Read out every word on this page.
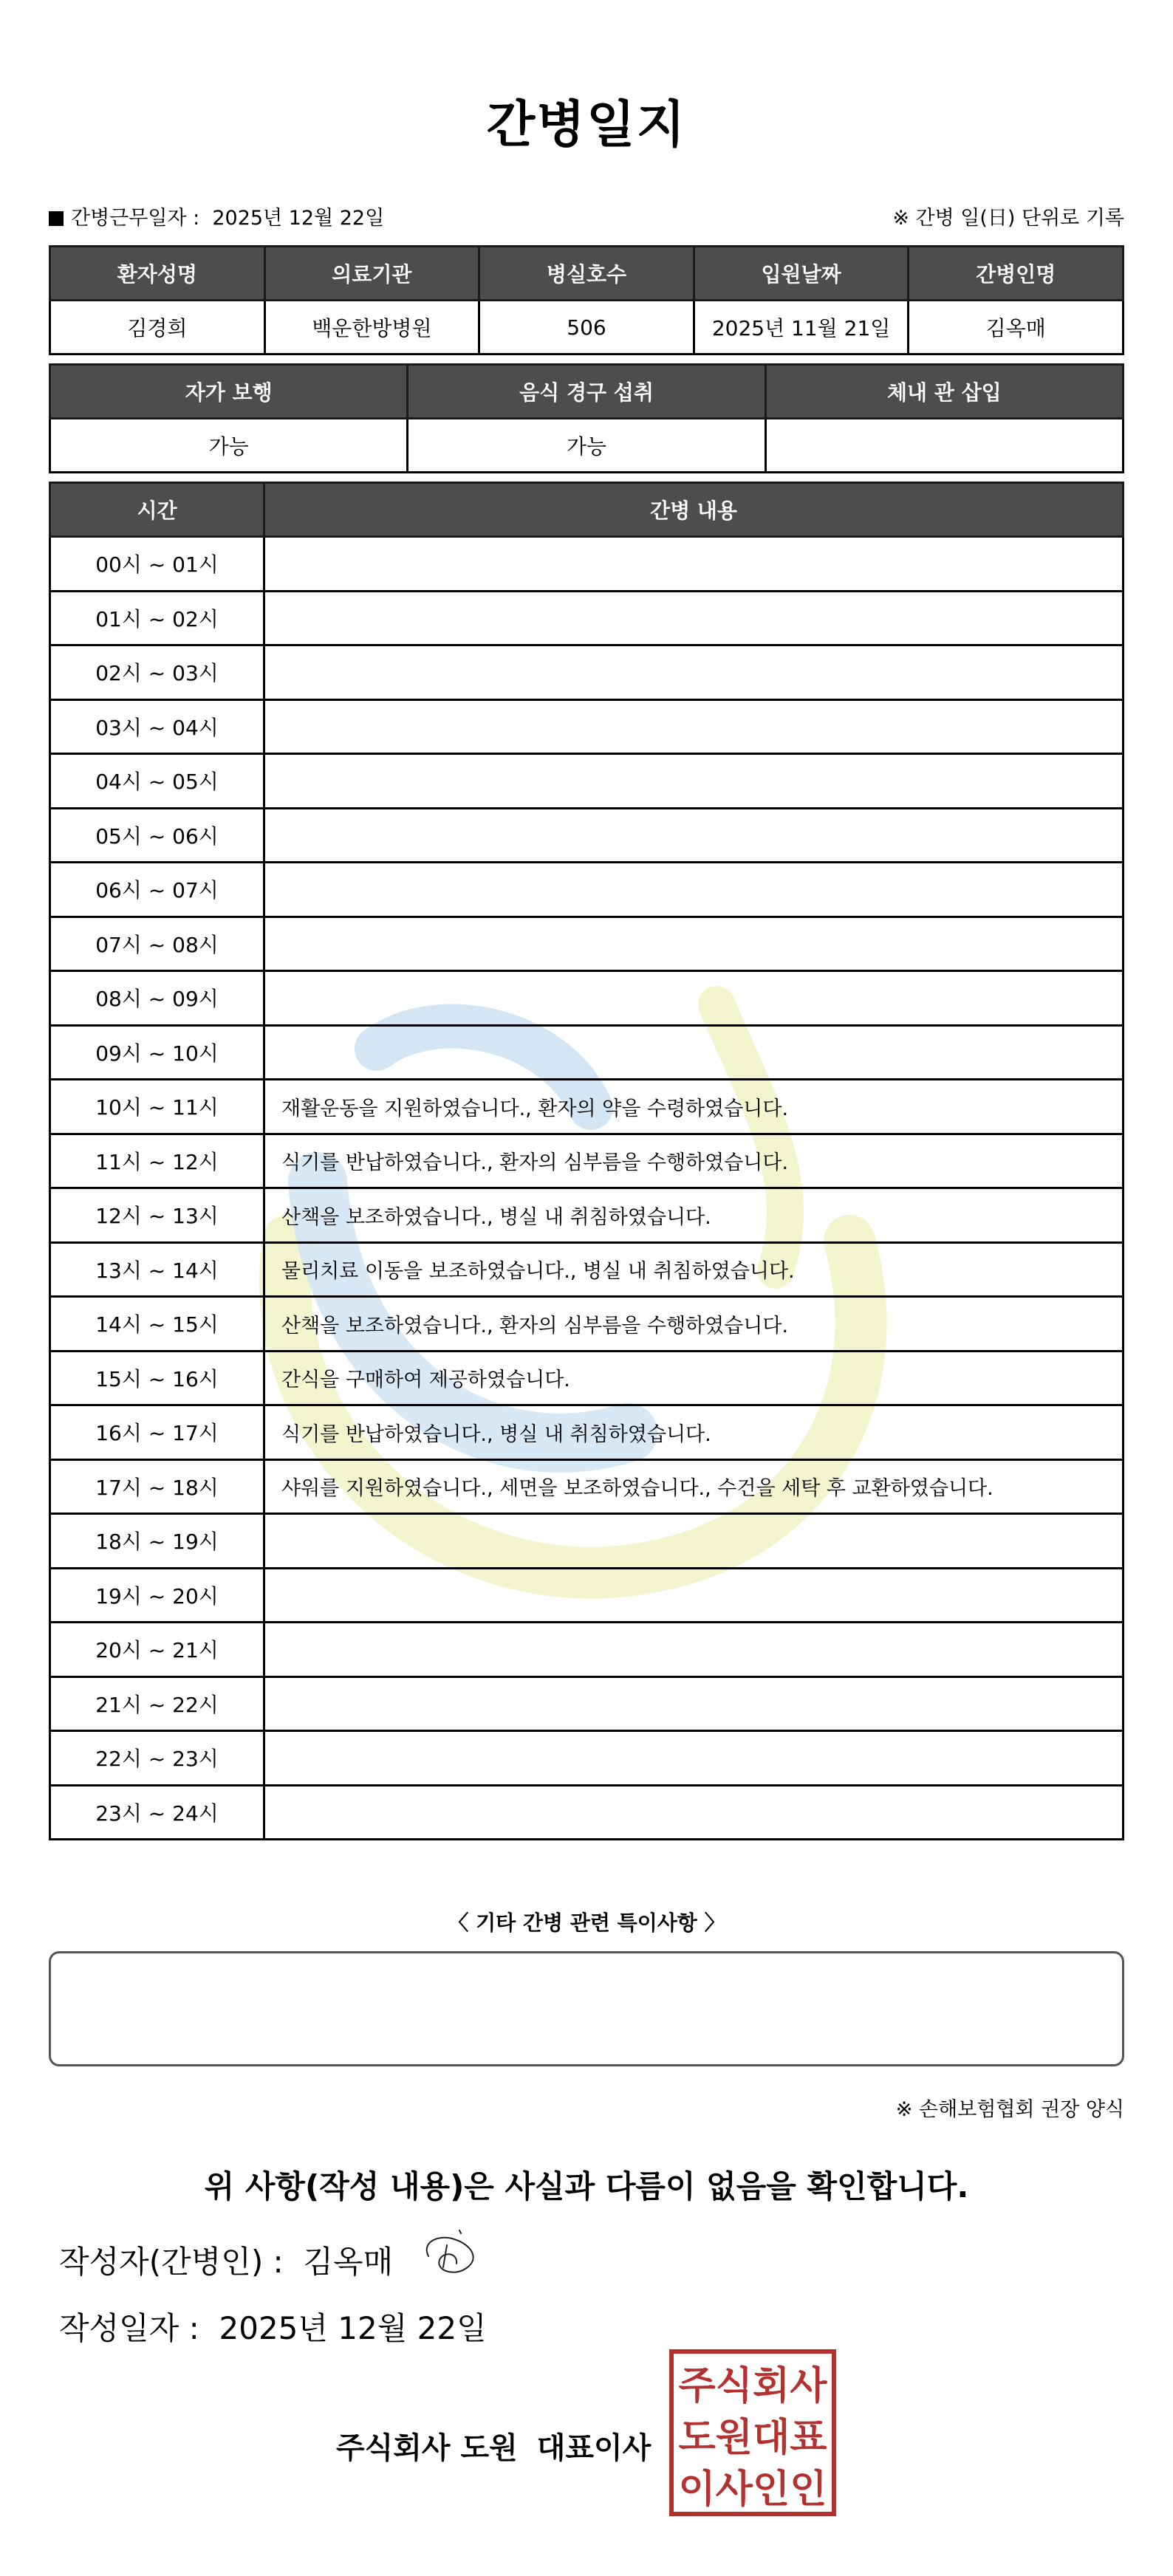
간병일지
간병근무일자 : 2025년 12월 22일	※ 간병 일(日) 단위로 기록
환자성명	의료기관	병실호수	입원날짜	간병인명
김경희	백운한방병원	506	2025년 11월 21일	김옥매
자가 보행	음식 경구 섭취	체내 관 삽입
가능	가능	
시간	간병 내용
00시 ~ 01시	
01시 ~ 02시	
02시 ~ 03시	
03시 ~ 04시	
04시 ~ 05시	
05시 ~ 06시	
06시 ~ 07시	
07시 ~ 08시	
08시 ~ 09시	
09시 ~ 10시	
10시 ~ 11시	재활운동을 지원하였습니다., 환자의 약을 수령하였습니다.
11시 ~ 12시	식기를 반납하였습니다., 환자의 심부름을 수행하였습니다.
12시 ~ 13시	산책을 보조하였습니다., 병실 내 취침하였습니다.
13시 ~ 14시	물리치료 이동을 보조하였습니다., 병실 내 취침하였습니다.
14시 ~ 15시	산책을 보조하였습니다., 환자의 심부름을 수행하였습니다.
15시 ~ 16시	간식을 구매하여 제공하였습니다.
16시 ~ 17시	식기를 반납하였습니다., 병실 내 취침하였습니다.
17시 ~ 18시	샤워를 지원하였습니다., 세면을 보조하였습니다., 수건을 세탁 후 교환하였습니다.
18시 ~ 19시	
19시 ~ 20시	
20시 ~ 21시	
21시 ~ 22시	
22시 ~ 23시	
23시 ~ 24시	
〈 기타 간병 관련 특이사항 〉
※ 손해보험협회 권장 양식
위 사항(작성 내용)은 사실과 다름이 없음을 확인합니다.
작성자(간병인) : 김옥매
작성일자 : 2025년 12월 22일
주식회사 도원 대표이사
주식회사
도원대표
이사인인
